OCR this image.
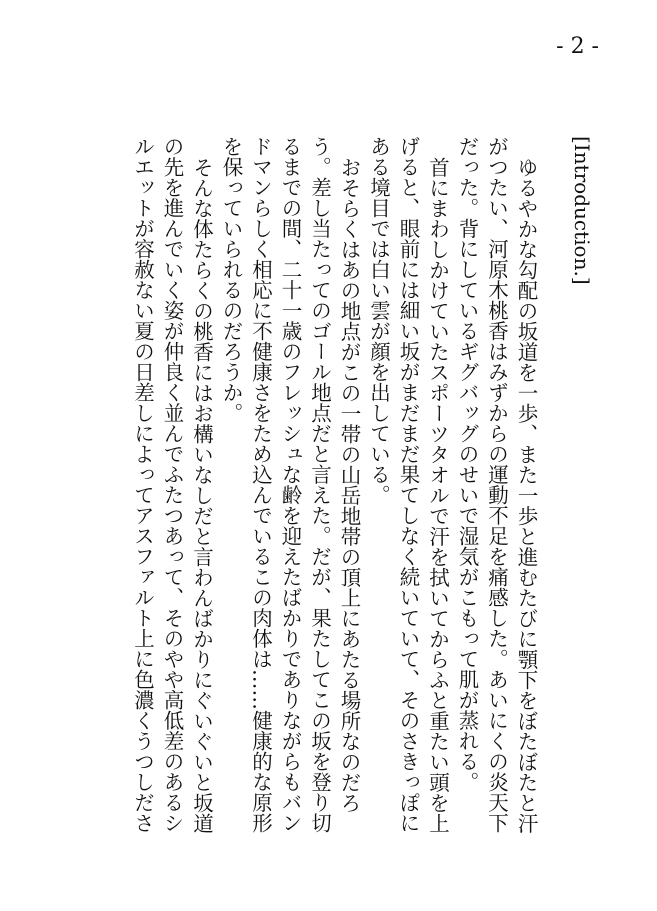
- 2 -
[Introduction.]

ゆるやかな勾配の坂道を一歩、また一歩と進むたびに顎下をぼたぼたと汗がつたい、河原木桃香はみずからの運動不足を痛感した。あいにくの炎天下だった。背にしているギグバッグのせいで湿気がこもって肌が蒸れる。

首にまわしかけていたスポーツタオルで汗を拭いてからふと重たい頭を上げると、眼前には細い坂がまだまだ果てしなく続いていて、そのさきっぽにある境目では白い雲が顔を出している。

おそらくはあの地点がこの一帯の山岳地帯の頂上にあたる場所なのだろう。差し当たってのゴール地点だと言えた。だが、果たしてこの坂を登り切るまでの間、二十一歳のフレッシュな齢を迎えたばかりでありながらもバンドマンらしく相応に不健康さをため込んでいるこの肉体は……健康的な原形を保っていられるのだろうか。

そんな体たらくの桃香にはお構いなしだと言わんばかりにぐいぐいと坂道の先を進んでいく姿が仲良く並んでふたつあって、そのやや高低差のあるシルエットが容赦ない夏の日差しによってアスファルト上に色濃くうつしださ
